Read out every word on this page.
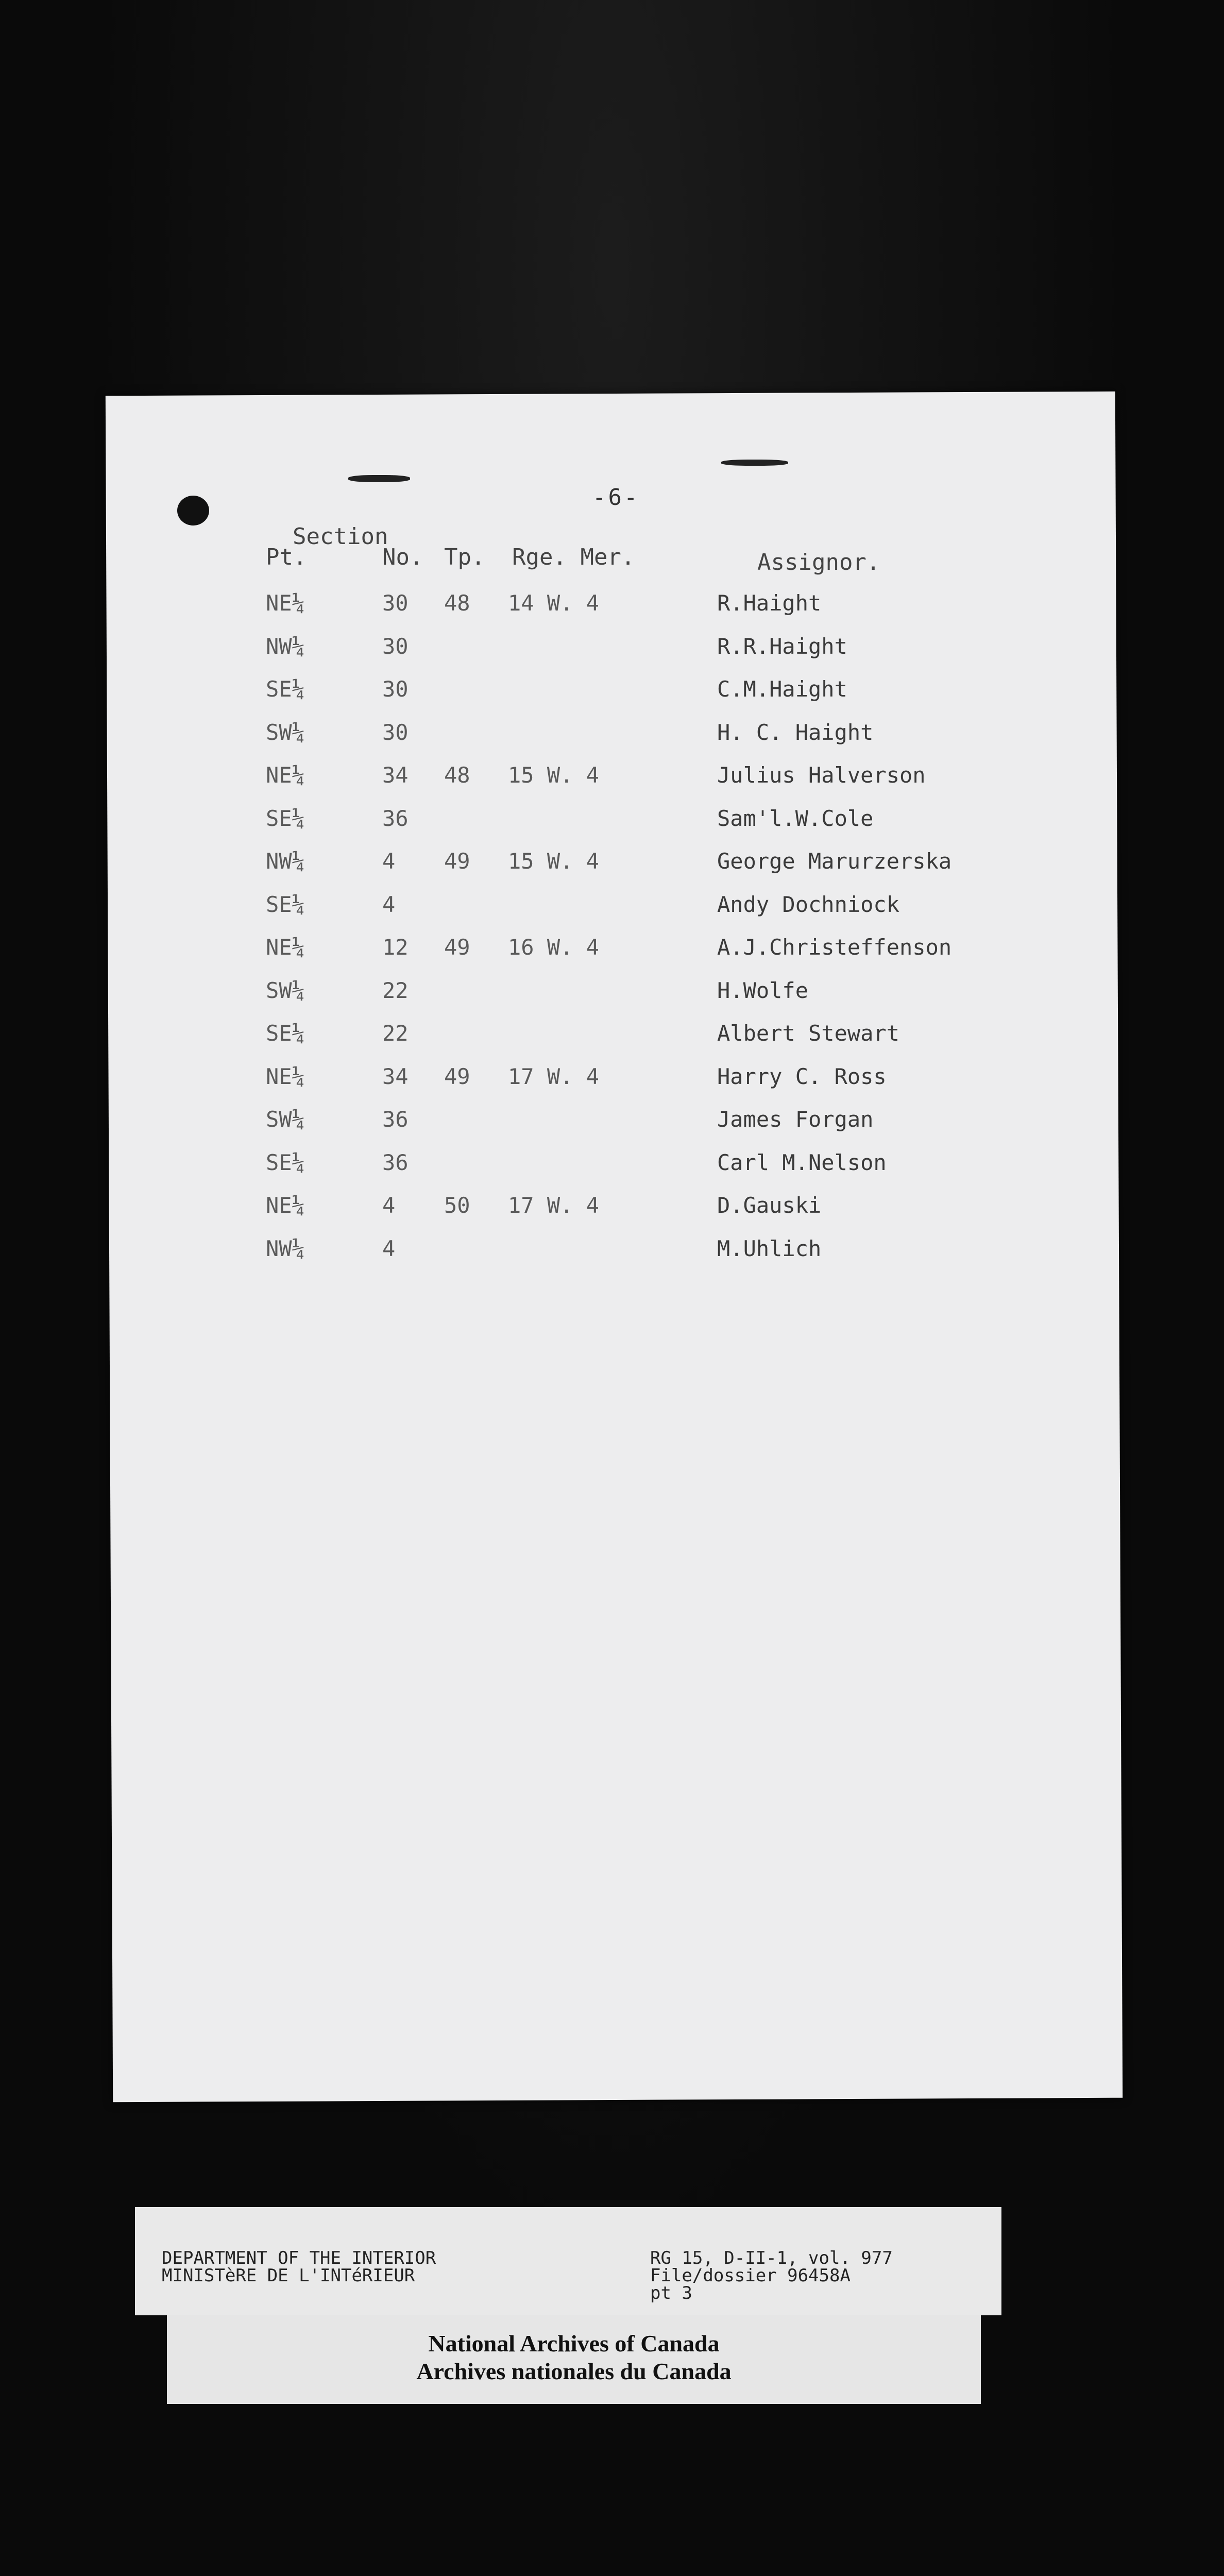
-6-
Section
Pt.	No. Tp. Rge. Mer.	Assignor.
NE¼	30 48 14 W. 4	R.Haight
NW¼	30	R.R.Haight
SE¼	30	C.M.Haight
SW¼	30	H. C. Haight
NE¼	34 48 15 W. 4	Julius Halverson
SE¼	36	Sam'l.W.Cole
NW¼	4 49 15 W. 4	George Marurzerska
SE¼	4	Andy Dochniock
NE¼	12 49 16 W. 4	A.J.Christeffenson
SW¼	22	H.Wolfe
SE¼	22	Albert Stewart
NE¼	34 49 17 W. 4	Harry C. Ross
SW¼	36	James Forgan
SE¼	36	Carl M.Nelson
NE¼	4 50 17 W. 4	D.Gauski
NW¼	4	M.Uhlich
DEPARTMENT OF THE INTERIOR
MINISTèRE DE L'INTéRIEUR
RG 15, D-II-1, vol. 977
File/dossier 96458A
pt 3
National Archives of Canada
Archives nationales du Canada
